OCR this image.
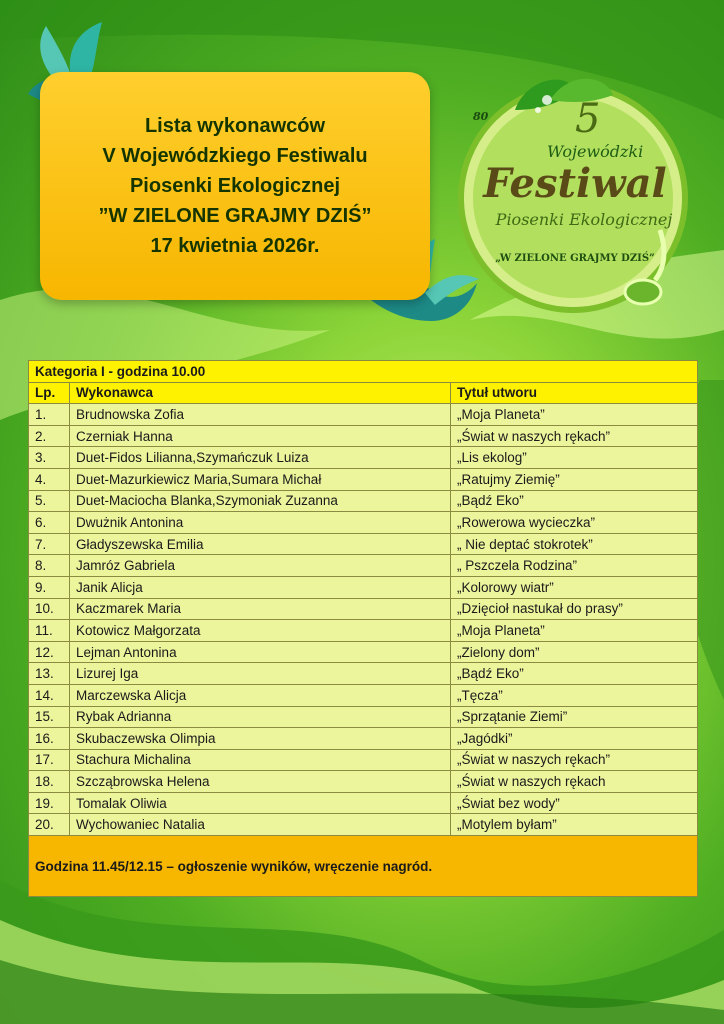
Lista wykonawców
V Wojewódzkiego Festiwalu
Piosenki Ekologicznej
”W ZIELONE GRAJMY DZIŚ”
17 kwietnia 2026r.
5
80
Wojewódzki
Festiwal
Piosenki Ekologicznej
„W ZIELONE GRAJMY DZIŚ”
Kategoria I - godzina 10.00		
Lp.	Wykonawca	Tytuł utworu
1.	Brudnowska Zofia	„Moja Planeta”
2.	Czerniak Hanna	„Świat w naszych rękach”
3.	Duet-Fidos Lilianna,Szymańczuk Luiza	„Lis ekolog”
4.	Duet-Mazurkiewicz Maria,Sumara Michał	„Ratujmy Ziemię”
5.	Duet-Maciocha Blanka,Szymoniak Zuzanna	„Bądź Eko”
6.	Dwużnik Antonina	„Rowerowa wycieczka”
7.	Gładyszewska Emilia	„ Nie deptać stokrotek”
8.	Jamróz Gabriela	„ Pszczela Rodzina”
9.	Janik Alicja	„Kolorowy wiatr”
10.	Kaczmarek Maria	„Dzięcioł nastukał do prasy”
11.	Kotowicz Małgorzata	„Moja Planeta”
12.	Lejman Antonina	„Zielony dom”
13.	Lizurej Iga	„Bądź Eko”
14.	Marczewska Alicja	„Tęcza”
15.	Rybak Adrianna	„Sprzątanie Ziemi”
16.	Skubaczewska Olimpia	„Jagódki”
17.	Stachura Michalina	„Świat w naszych rękach”
18.	Szcząbrowska Helena	„Świat w naszych rękach
19.	Tomalak Oliwia	„Świat bez wody”
20.	Wychowaniec Natalia	„Motylem byłam”
Godzina 11.45/12.15 – ogłoszenie wyników, wręczenie nagród.		
